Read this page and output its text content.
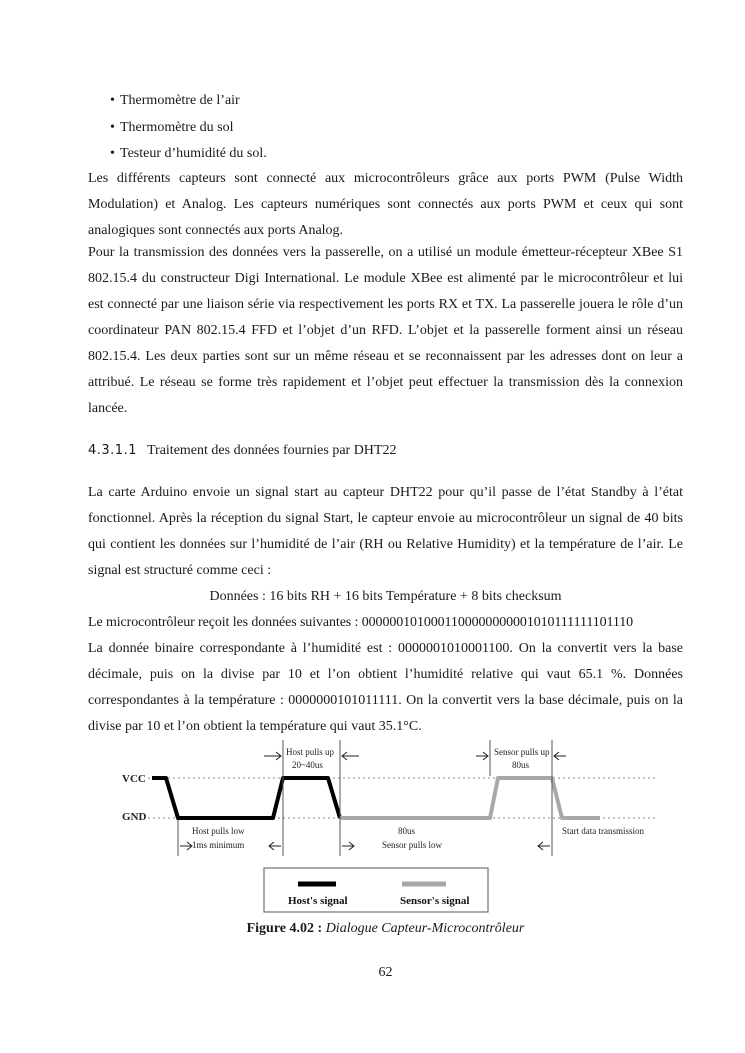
• Thermomètre de l’air
• Thermomètre du sol
• Testeur d’humidité du sol.

Les différents capteurs sont connecté aux microcontrôleurs grâce aux ports PWM (Pulse Width Modulation) et Analog. Les capteurs numériques sont connectés aux ports PWM et ceux qui sont analogiques sont connectés aux ports Analog.

Pour la transmission des données vers la passerelle, on a utilisé un module émetteur-récepteur XBee S1 802.15.4 du constructeur Digi International. Le module XBee est alimenté par le microcontrôleur et lui est connecté par une liaison série via respectivement les ports RX et TX. La passerelle jouera le rôle d’un coordinateur PAN 802.15.4 FFD et l’objet d’un RFD. L’objet et la passerelle forment ainsi un réseau 802.15.4. Les deux parties sont sur un même réseau et se reconnaissent par les adresses dont on leur a attribué. Le réseau se forme très rapidement et l’objet peut effectuer la transmission dès la connexion lancée.

4.3.1.1 Traitement des données fournies par DHT22

La carte Arduino envoie un signal start au capteur DHT22 pour qu’il passe de l’état Standby à l’état fonctionnel. Après la réception du signal Start, le capteur envoie au microcontrôleur un signal de 40 bits qui contient les données sur l’humidité de l’air (RH ou Relative Humidity) et la température de l’air. Le signal est structuré comme ceci :

Données : 16 bits RH + 16 bits Température + 8 bits checksum
Le microcontrôleur reçoit les données suivantes : 0000001010001100000000001010111111101110

La donnée binaire correspondante à l’humidité est : 0000001010001100. On la convertit vers la base décimale, puis on la divise par 10 et l’on obtient l’humidité relative qui vaut 65.1 %. Données correspondantes à la température : 0000000101011111. On la convertit vers la base décimale, puis on la divise par 10 et l’on obtient la température qui vaut 35.1°C.

VCC
GND
Host pulls up
20~40us
Sensor pulls up
80us
Host pulls low
1ms minimum
80us
Sensor pulls low
Start data transmission
Host's signal	Sensor's signal
Figure 4.02 : Dialogue Capteur-Microcontrôleur
62
